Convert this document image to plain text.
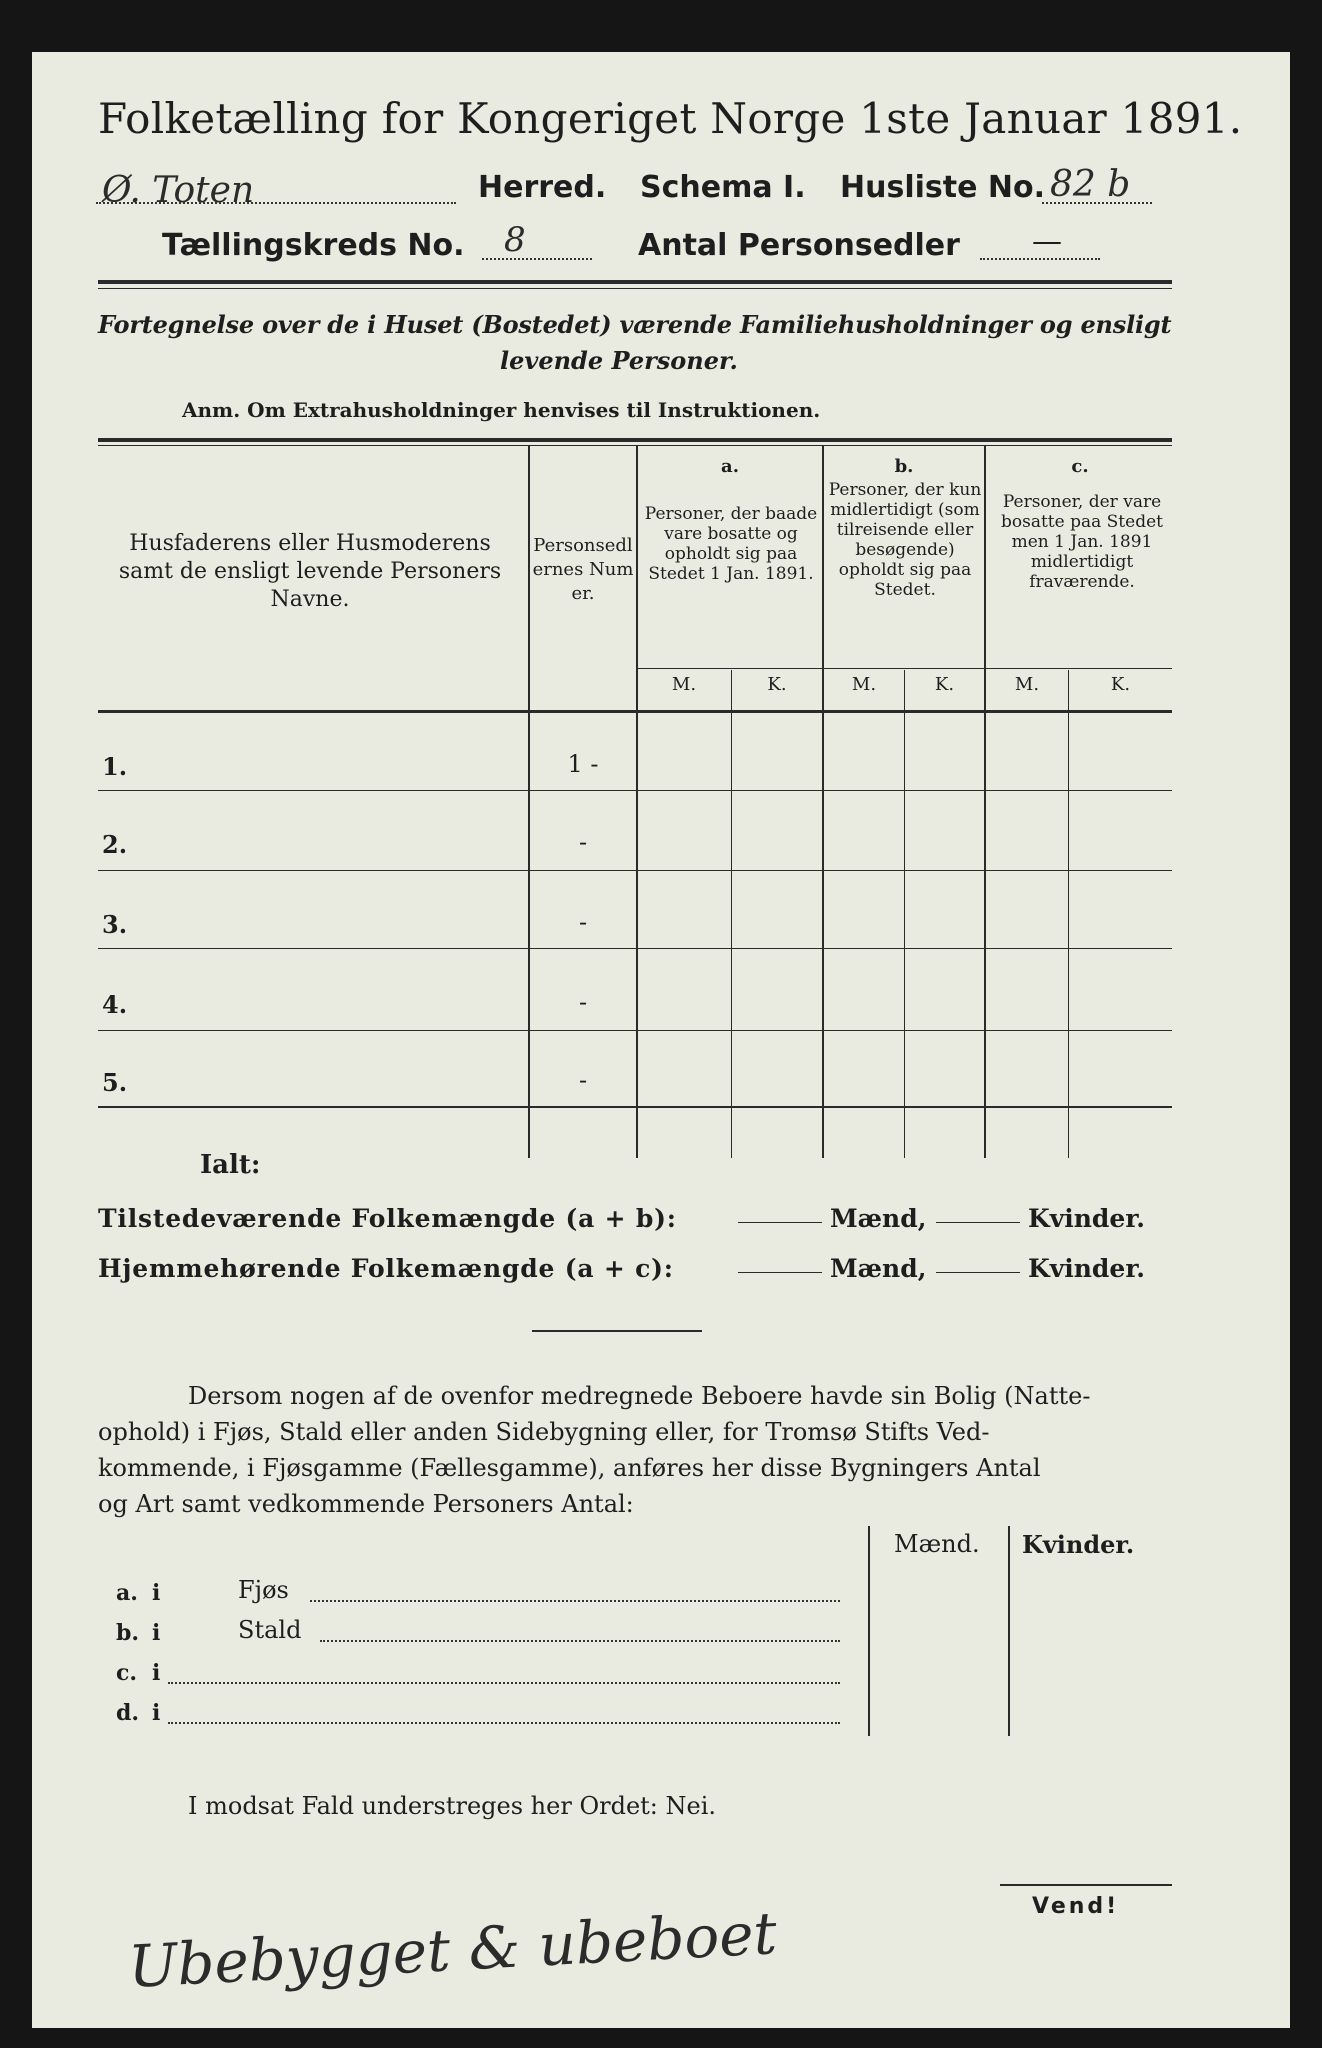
Folketælling for Kongeriget Norge 1ste Januar 1891.
Ø. Toten	Herred. Schema I. Husliste No. 82 b
Tællingskreds No. 8	Antal Personsedler —
Fortegnelse over de i Huset (Bostedet) værende Familiehusholdninger og ensligt
levende Personer.
Anm. Om Extrahusholdninger henvises til Instruktionen.
Husfaderens eller Husmoderens samt de ensligt levende Personers Navne.
Personsedlernes Numer.
a.
Personer, der baade vare bosatte og opholdt sig paa Stedet 1 Jan. 1891.
b.
Personer, der kun midlertidigt (som tilreisende eller besøgende) opholdt sig paa Stedet.
c.
Personer, der vare bosatte paa Stedet men 1 Jan. 1891 midlertidigt fraværende.
M.	K.	M.	K.	M.	K.
1.	1 -
2.	-
3.	-
4.	-
5.	-
Ialt:
Tilstedeværende Folkemængde (a + b):	Mænd,	Kvinder.
Hjemmehørende Folkemængde (a + c):	Mænd,	Kvinder.
Dersom nogen af de ovenfor medregnede Beboere havde sin Bolig (Natte-
ophold) i Fjøs, Stald eller anden Sidebygning eller, for Tromsø Stifts Ved-
kommende, i Fjøsgamme (Fællesgamme), anføres her disse Bygningers Antal
og Art samt vedkommende Personers Antal:
Mænd. Kvinder.
a. i	Fjøs
b. i	Stald
c. i
d. i
I modsat Fald understreges her Ordet: Nei.
Vend!
Ubebygget & ubeboet
